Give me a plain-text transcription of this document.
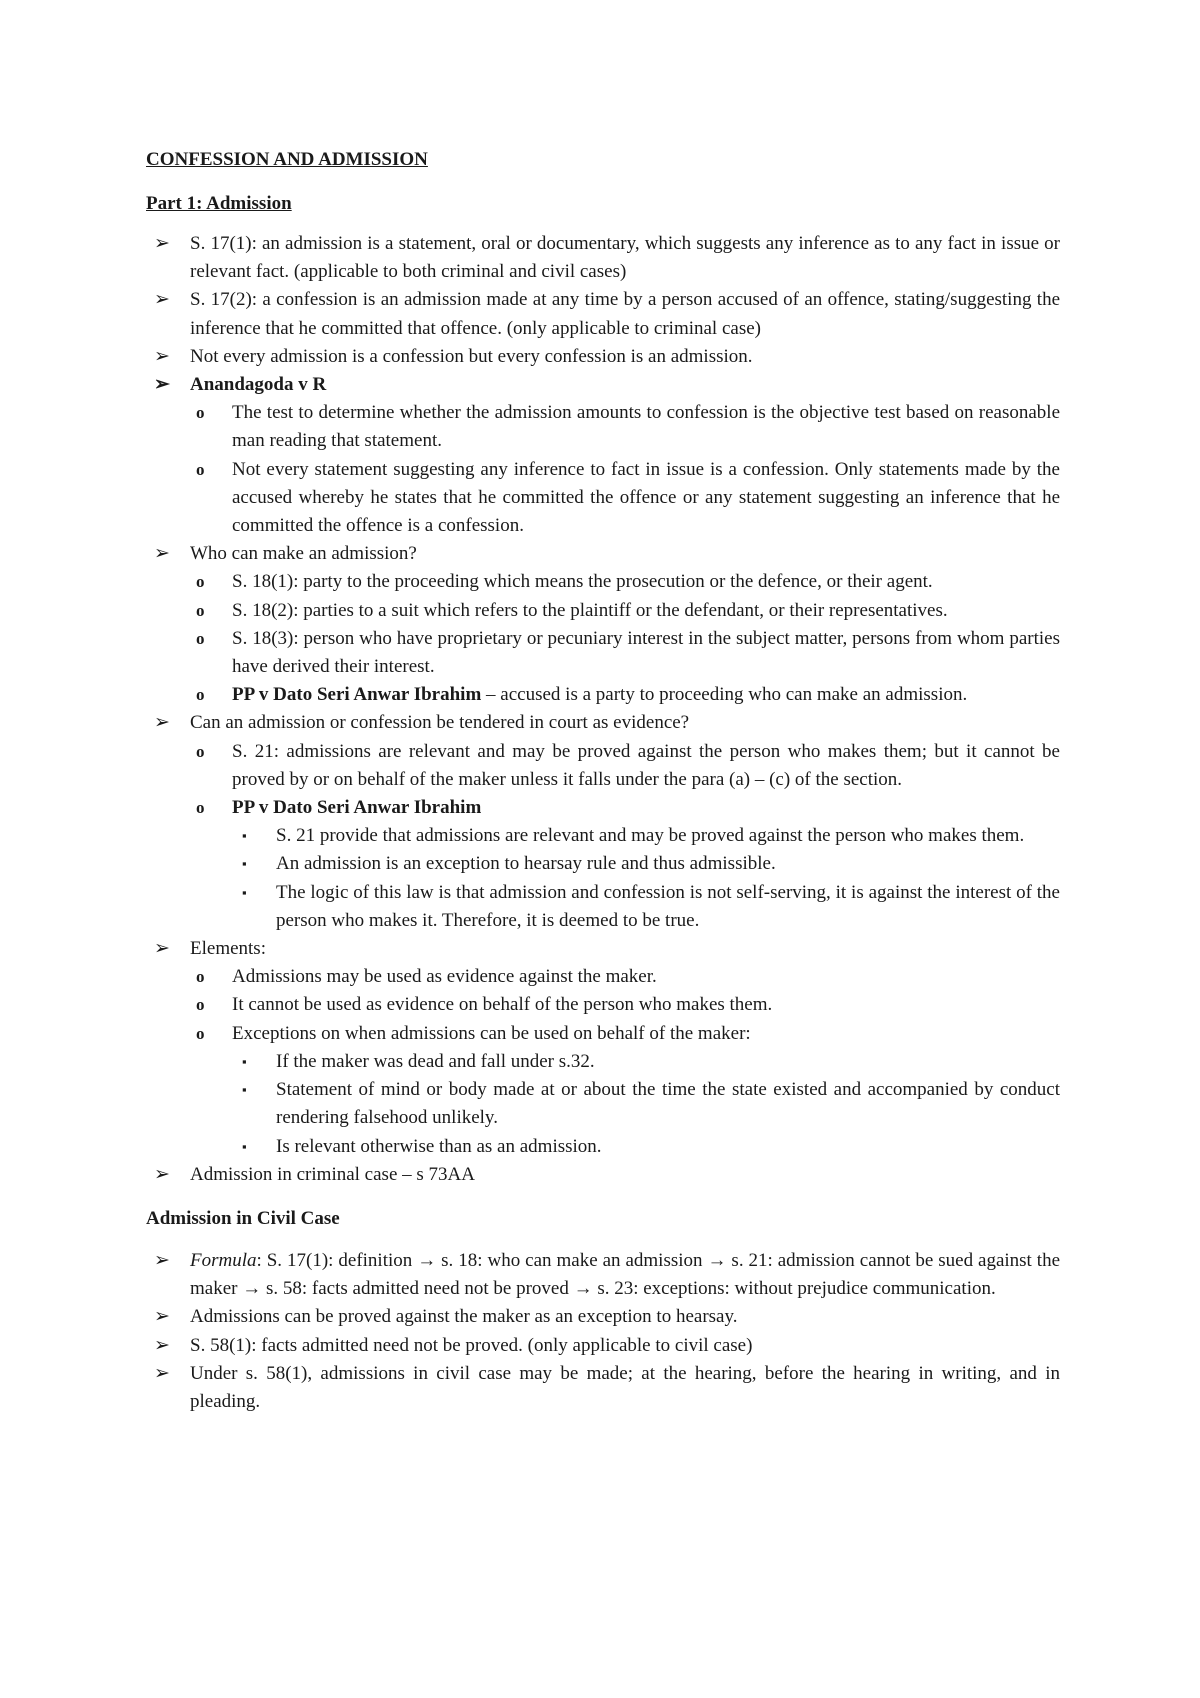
CONFESSION AND ADMISSION
Part 1: Admission
➢ S. 17(1): an admission is a statement, oral or documentary, which suggests any inference as to any fact in issue or relevant fact. (applicable to both criminal and civil cases)
➢ S. 17(2): a confession is an admission made at any time by a person accused of an offence, stating/suggesting the inference that he committed that offence. (only applicable to criminal case)
➢ Not every admission is a confession but every confession is an admission.
➢ Anandagoda v R
o The test to determine whether the admission amounts to confession is the objective test based on reasonable man reading that statement.
o Not every statement suggesting any inference to fact in issue is a confession. Only statements made by the accused whereby he states that he committed the offence or any statement suggesting an inference that he committed the offence is a confession.
➢ Who can make an admission?
o S. 18(1): party to the proceeding which means the prosecution or the defence, or their agent.
o S. 18(2): parties to a suit which refers to the plaintiff or the defendant, or their representatives.
o S. 18(3): person who have proprietary or pecuniary interest in the subject matter, persons from whom parties have derived their interest.
o PP v Dato Seri Anwar Ibrahim – accused is a party to proceeding who can make an admission.
➢ Can an admission or confession be tendered in court as evidence?
o S. 21: admissions are relevant and may be proved against the person who makes them; but it cannot be proved by or on behalf of the maker unless it falls under the para (a) – (c) of the section.
o PP v Dato Seri Anwar Ibrahim
▪ S. 21 provide that admissions are relevant and may be proved against the person who makes them.
▪ An admission is an exception to hearsay rule and thus admissible.
▪ The logic of this law is that admission and confession is not self-serving, it is against the interest of the person who makes it. Therefore, it is deemed to be true.
➢ Elements:
o Admissions may be used as evidence against the maker.
o It cannot be used as evidence on behalf of the person who makes them.
o Exceptions on when admissions can be used on behalf of the maker:
▪ If the maker was dead and fall under s.32.
▪ Statement of mind or body made at or about the time the state existed and accompanied by conduct rendering falsehood unlikely.
▪ Is relevant otherwise than as an admission.
➢ Admission in criminal case – s 73AA
Admission in Civil Case
➢ Formula: S. 17(1): definition → s. 18: who can make an admission → s. 21: admission cannot be sued against the maker → s. 58: facts admitted need not be proved → s. 23: exceptions: without prejudice communication.
➢ Admissions can be proved against the maker as an exception to hearsay.
➢ S. 58(1): facts admitted need not be proved. (only applicable to civil case)
➢ Under s. 58(1), admissions in civil case may be made; at the hearing, before the hearing in writing, and in pleading.
